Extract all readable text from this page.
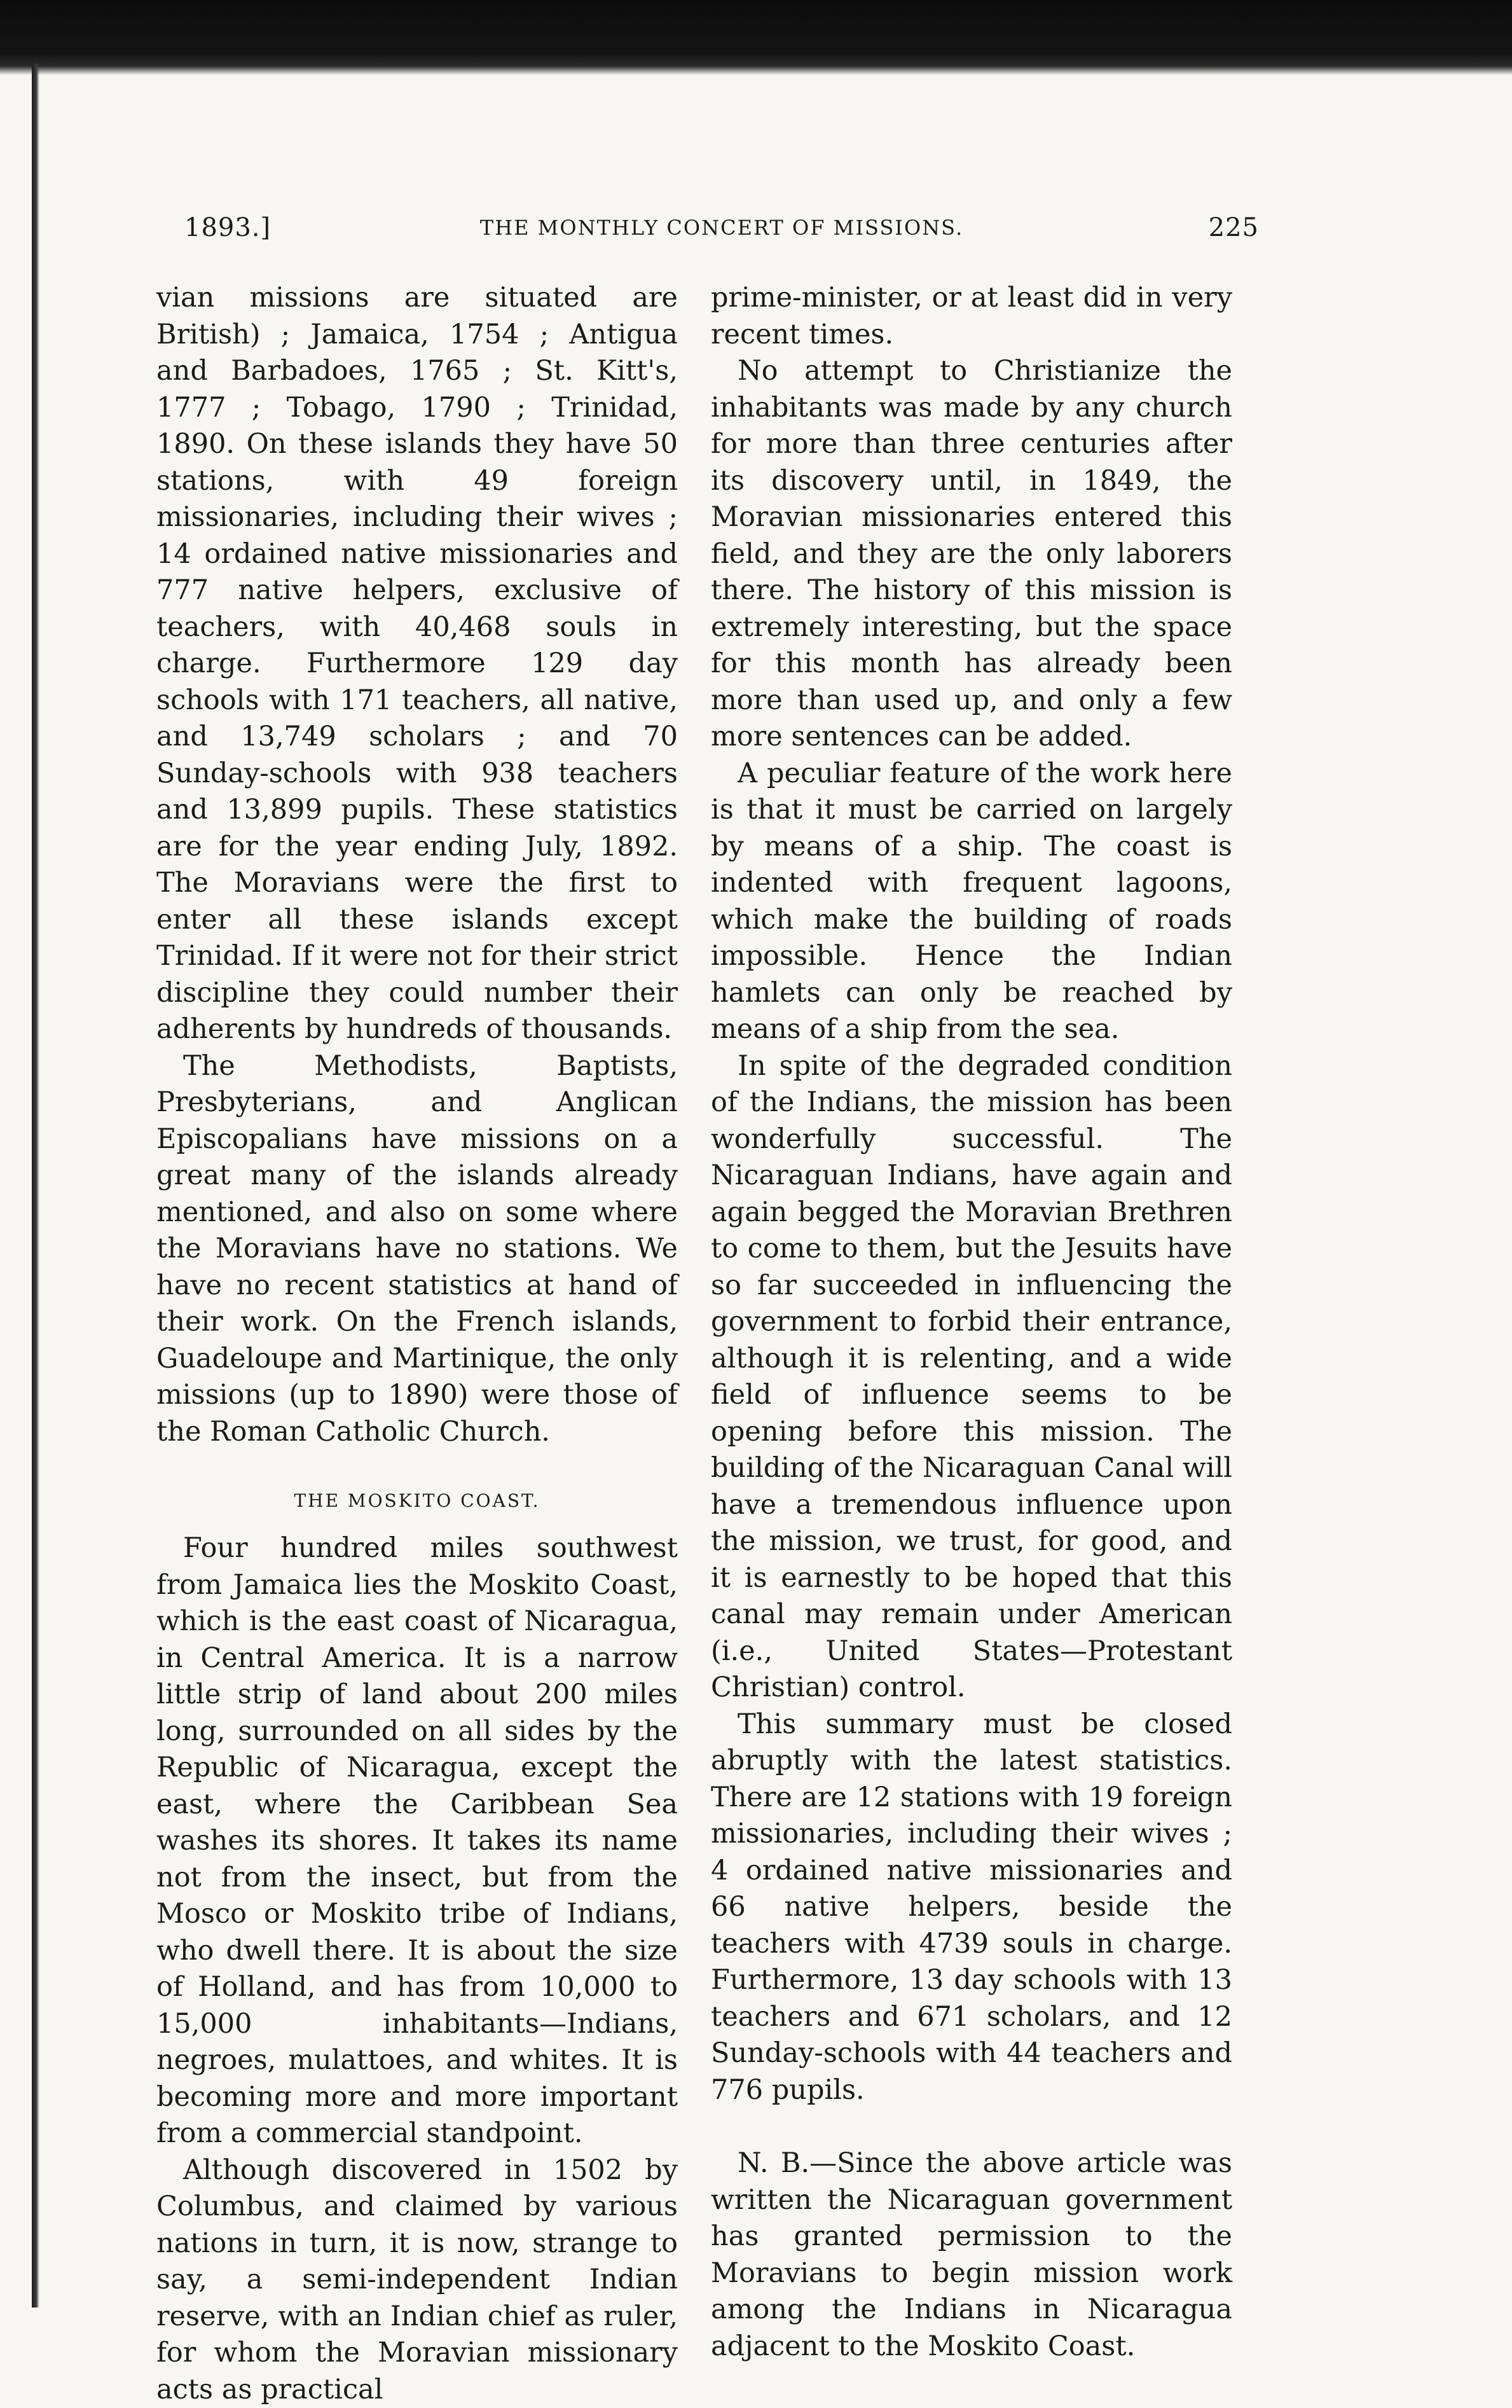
1893.]	THE MONTHLY CONCERT OF MISSIONS.	225

vian missions are situated are British) ; Jamaica, 1754 ; Antigua and Barbadoes, 1765 ; St. Kitt's, 1777 ; Tobago, 1790 ; Trinidad, 1890. On these islands they have 50 stations, with 49 foreign missionaries, including their wives ; 14 ordained native missionaries and 777 native helpers, exclusive of teachers, with 40,468 souls in charge. Furthermore 129 day schools with 171 teachers, all native, and 13,749 scholars ; and 70 Sunday-schools with 938 teachers and 13,899 pupils. These statistics are for the year ending July, 1892. The Moravians were the first to enter all these islands except Trinidad. If it were not for their strict discipline they could number their adherents by hundreds of thousands.

The Methodists, Baptists, Presbyterians, and Anglican Episcopalians have missions on a great many of the islands already mentioned, and also on some where the Moravians have no stations. We have no recent statistics at hand of their work. On the French islands, Guadeloupe and Martinique, the only missions (up to 1890) were those of the Roman Catholic Church.

THE MOSKITO COAST.

Four hundred miles southwest from Jamaica lies the Moskito Coast, which is the east coast of Nicaragua, in Central America. It is a narrow little strip of land about 200 miles long, surrounded on all sides by the Republic of Nicaragua, except the east, where the Caribbean Sea washes its shores. It takes its name not from the insect, but from the Mosco or Moskito tribe of Indians, who dwell there. It is about the size of Holland, and has from 10,000 to 15,000 inhabitants—Indians, negroes, mulattoes, and whites. It is becoming more and more important from a commercial standpoint.

Although discovered in 1502 by Columbus, and claimed by various nations in turn, it is now, strange to say, a semi-independent Indian reserve, with an Indian chief as ruler, for whom the Moravian missionary acts as practical

prime-minister, or at least did in very recent times.

No attempt to Christianize the inhabitants was made by any church for more than three centuries after its discovery until, in 1849, the Moravian missionaries entered this field, and they are the only laborers there. The history of this mission is extremely interesting, but the space for this month has already been more than used up, and only a few more sentences can be added.

A peculiar feature of the work here is that it must be carried on largely by means of a ship. The coast is indented with frequent lagoons, which make the building of roads impossible. Hence the Indian hamlets can only be reached by means of a ship from the sea.

In spite of the degraded condition of the Indians, the mission has been wonderfully successful. The Nicaraguan Indians, have again and again begged the Moravian Brethren to come to them, but the Jesuits have so far succeeded in influencing the government to forbid their entrance, although it is relenting, and a wide field of influence seems to be opening before this mission. The building of the Nicaraguan Canal will have a tremendous influence upon the mission, we trust, for good, and it is earnestly to be hoped that this canal may remain under American (i.e., United States—Protestant Christian) control.

This summary must be closed abruptly with the latest statistics. There are 12 stations with 19 foreign missionaries, including their wives ; 4 ordained native missionaries and 66 native helpers, beside the teachers with 4739 souls in charge. Furthermore, 13 day schools with 13 teachers and 671 scholars, and 12 Sunday-schools with 44 teachers and 776 pupils.

N. B.—Since the above article was written the Nicaraguan government has granted permission to the Moravians to begin mission work among the Indians in Nicaragua adjacent to the Moskito Coast.
